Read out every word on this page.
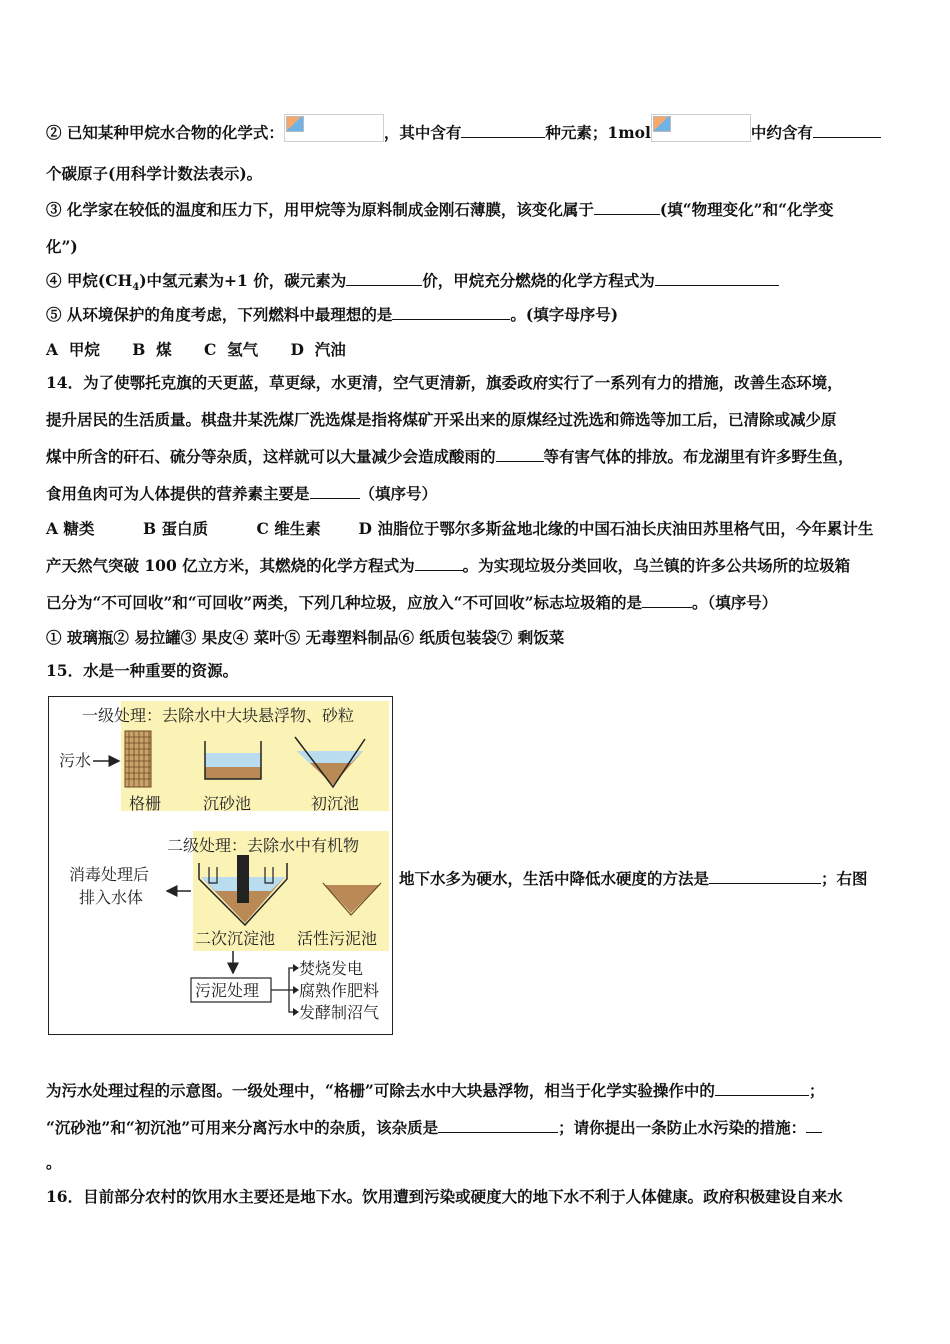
② 已知某种甲烷水合物的化学式：	，其中含有	种元素；1mol	中约含有
个碳原子(用科学计数法表示)。
③ 化学家在较低的温度和压力下，用甲烷等为原料制成金刚石薄膜，该变化属于	(填“物理变化”和“化学变
化”)
④ 甲烷$(CH_4)$中氢元素为+1 价，碳元素为	价，甲烷充分燃烧的化学方程式为
⑤ 从环境保护的角度考虑，下列燃料中最理想的是	。(填字母序号)
A  甲烷      B  煤      C  氢气      D  汽油
14．为了使鄂托克旗的天更蓝，草更绿，水更清，空气更清新，旗委政府实行了一系列有力的措施，改善生态环境，
提升居民的生活质量。棋盘井某洗煤厂洗选煤是指将煤矿开采出来的原煤经过洗选和筛选等加工后，已清除或减少原
煤中所含的矸石、硫分等杂质，这样就可以大量减少会造成酸雨的	等有害气体的排放。布龙湖里有许多野生鱼，
食用鱼肉可为人体提供的营养素主要是	（填序号）
A 糖类         B 蛋白质         C 维生素       D 油脂位于鄂尔多斯盆地北缘的中国石油长庆油田苏里格气田，今年累计生
产天然气突破 100 亿立方米，其燃烧的化学方程式为	。为实现垃圾分类回收，乌兰镇的许多公共场所的垃圾箱
已分为“不可回收”和“可回收”两类，下列几种垃圾，应放入“不可回收”标志垃圾箱的是	。（填序号）
① 玻璃瓶② 易拉罐③ 果皮④ 菜叶⑤ 无毒塑料制品⑥ 纸质包装袋⑦ 剩饭菜
15．水是一种重要的资源。
一级处理：去除水中大块悬浮物、砂粒
污水
格栅	沉砂池	初沉池
二级处理：去除水中有机物
消毒处理后
排入水体
二次沉淀池 活性污泥池
污泥处理
焚烧发电
腐熟作肥料
发酵制沼气
地下水多为硬水，生活中降低水硬度的方法是	；右图
为污水处理过程的示意图。一级处理中，“格栅”可除去水中大块悬浮物，相当于化学实验操作中的	；
“沉砂池”和“初沉池”可用来分离污水中的杂质，该杂质是	；请你提出一条防止水污染的措施：
。
16．目前部分农村的饮用水主要还是地下水。饮用遭到污染或硬度大的地下水不利于人体健康。政府积极建设自来水
